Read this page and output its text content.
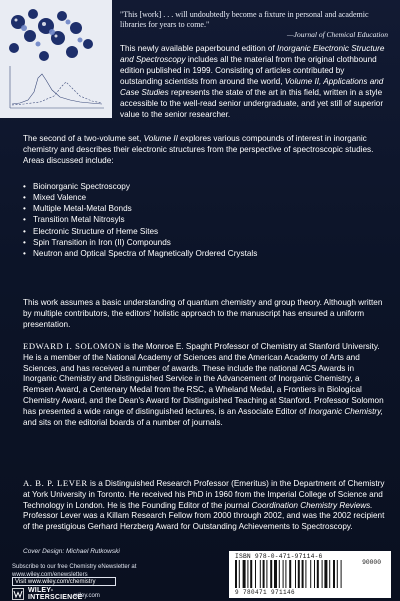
"This [work] . . . will undoubtedly become a fixture in personal and academic libraries for years to come."
—Journal of Chemical Education
This newly available paperbound edition of Inorganic Electronic Structure and Spectroscopy includes all the material from the original clothbound edition published in 1999. Consisting of articles contributed by outstanding scientists from around the world, Volume II, Applications and Case Studies represents the state of the art in this field, written in a style accessible to the well-read senior undergraduate, and yet still of superior value to the senior researcher.
The second of a two-volume set, Volume II explores various compounds of interest in inorganic chemistry and describes their electronic structures from the perspective of spectroscopic studies. Areas discussed include:
• Bioinorganic Spectroscopy
• Mixed Valence
• Multiple Metal-Metal Bonds
• Transition Metal Nitrosyls
• Electronic Structure of Heme Sites
• Spin Transition in Iron (II) Compounds
• Neutron and Optical Spectra of Magnetically Ordered Crystals
This work assumes a basic understanding of quantum chemistry and group theory. Although written by multiple contributors, the editors' holistic approach to the manuscript has ensured a uniform presentation.
EDWARD I. SOLOMON is the Monroe E. Spaght Professor of Chemistry at Stanford University. He is a member of the National Academy of Sciences and the American Academy of Arts and Sciences, and has received a number of awards. These include the national ACS Awards in Inorganic Chemistry and Distinguished Service in the Advancement of Inorganic Chemistry, a Remsen Award, a Centenary Medal from the RSC, a Wheland Medal, a Frontiers in Biological Chemistry Award, and the Dean's Award for Distinguished Teaching at Stanford. Professor Solomon has presented a wide range of distinguished lectures, is an Associate Editor of Inorganic Chemistry, and sits on the editorial boards of a number of journals.
A. B. P. LEVER is a Distinguished Research Professor (Emeritus) in the Department of Chemistry at York University in Toronto. He received his PhD in 1960 from the Imperial College of Science and Technology in London. He is the Founding Editor of the journal Coordination Chemistry Reviews. Professor Lever was a Killam Research Fellow from 2000 through 2002, and was the 2002 recipient of the prestigious Gerhard Herzberg Award for Outstanding Achievements to Spectroscopy.
Cover Design: Michael Rutkowski
Subscribe to our free Chemistry eNewsletter at
www.wiley.com/enewsletters
Visit www.wiley.com/chemistry
WILEY-
INTERSCIENCE
wiley.com
ISBN 978-0-471-97114-6
90000
9 780471 971146
